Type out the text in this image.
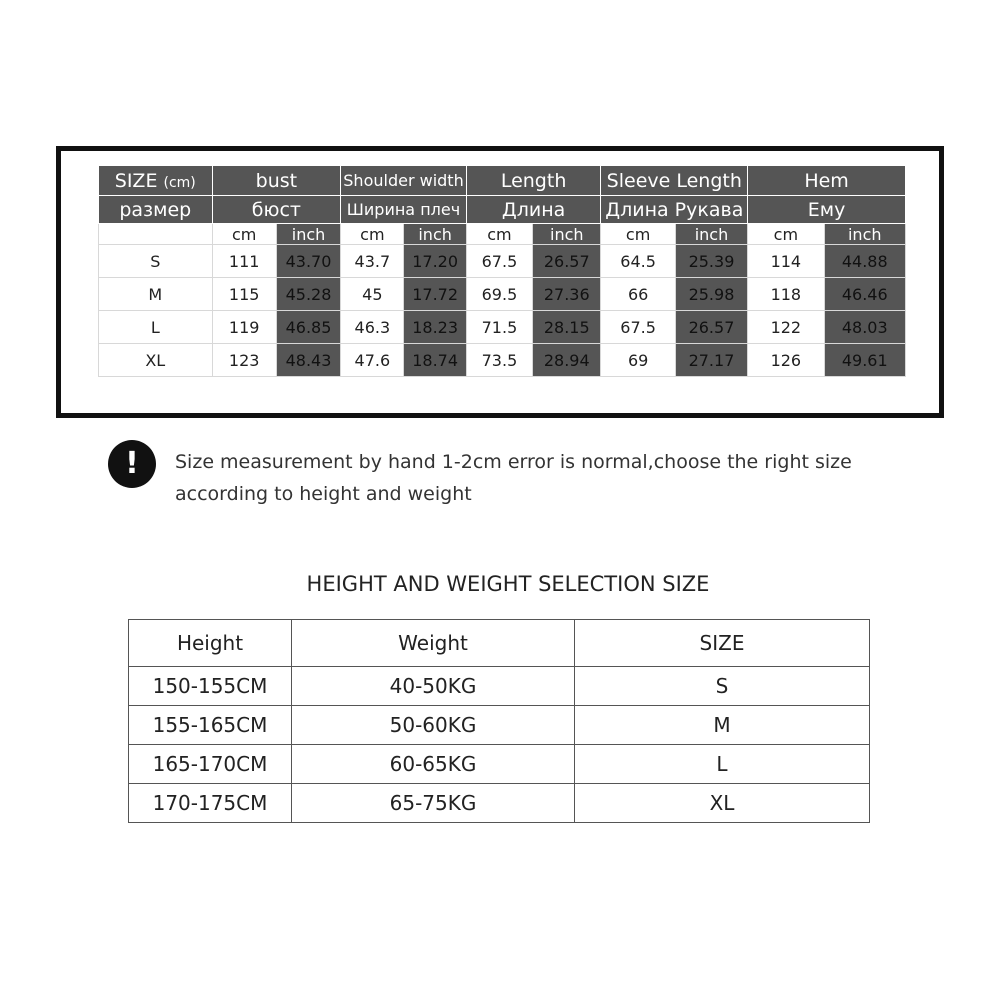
SIZE (cm)	bust		Shoulder width		Length		Sleeve Length		Hem	
размер	бюст		Ширина плеч		Длина		Длина Рукава		Ему	
	cm	inch	cm	inch	cm	inch	cm	inch	cm	inch
S	111	43.70	43.7	17.20	67.5	26.57	64.5	25.39	114	44.88
M	115	45.28	45	17.72	69.5	27.36	66	25.98	118	46.46
L	119	46.85	46.3	18.23	71.5	28.15	67.5	26.57	122	48.03
XL	123	48.43	47.6	18.74	73.5	28.94	69	27.17	126	49.61
!	Size measurement by hand 1-2cm error is normal,choose the right size according to height and weight
HEIGHT AND WEIGHT SELECTION SIZE
Height	Weight	SIZE
150-155CM	40-50KG	S
155-165CM	50-60KG	M
165-170CM	60-65KG	L
170-175CM	65-75KG	XL
